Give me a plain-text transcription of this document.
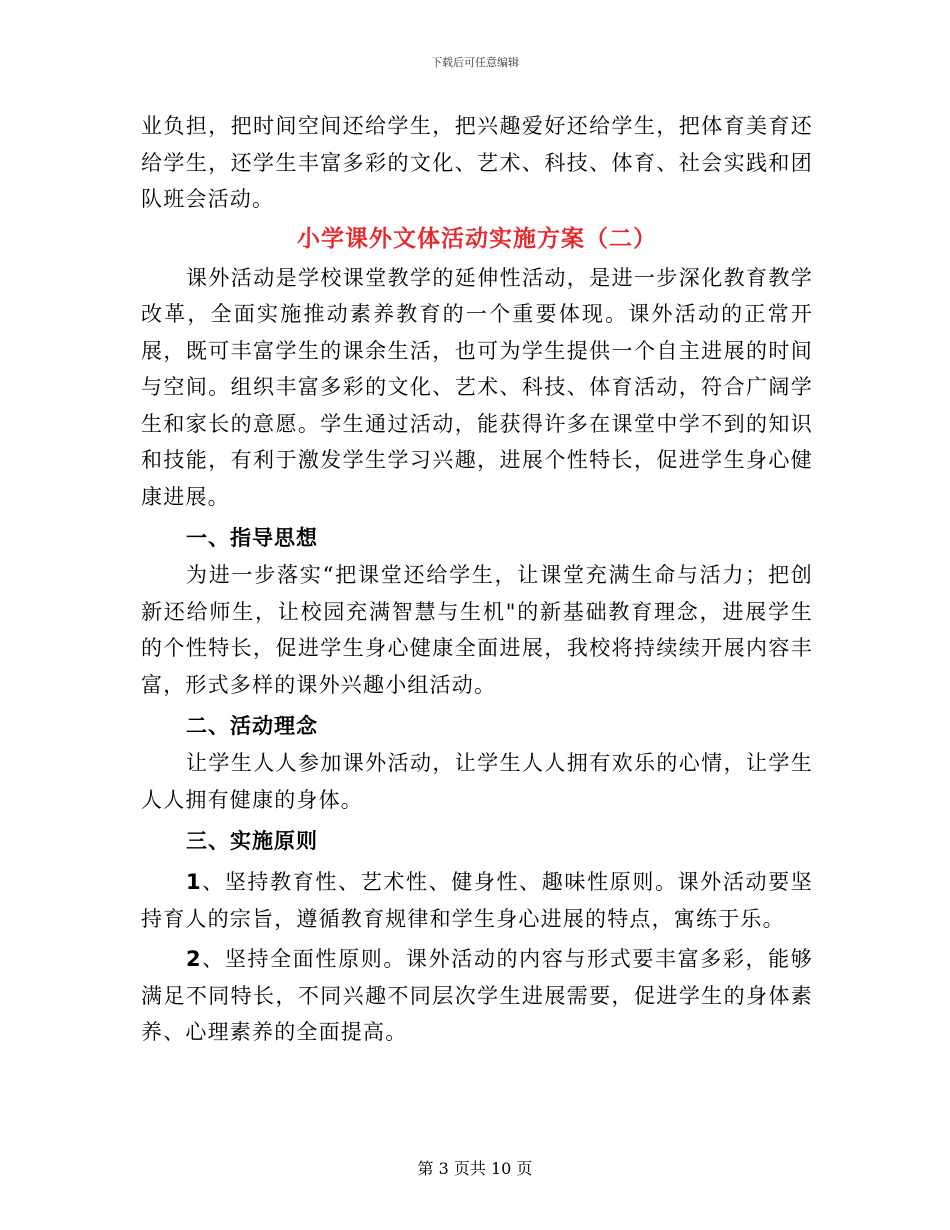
下载后可任意编辑

业负担，把时间空间还给学生，把兴趣爱好还给学生，把体育美育还给学生，还学生丰富多彩的文化、艺术、科技、体育、社会实践和团队班会活动。

小学课外文体活动实施方案（二）

课外活动是学校课堂教学的延伸性活动，是进一步深化教育教学改革，全面实施推动素养教育的一个重要体现。课外活动的正常开展，既可丰富学生的课余生活，也可为学生提供一个自主进展的时间与空间。组织丰富多彩的文化、艺术、科技、体育活动，符合广阔学生和家长的意愿。学生通过活动，能获得许多在课堂中学不到的知识和技能，有利于激发学生学习兴趣，进展个性特长，促进学生身心健康进展。

一、指导思想

为进一步落实“把课堂还给学生，让课堂充满生命与活力；把创新还给师生，让校园充满智慧与生机"的新基础教育理念，进展学生的个性特长，促进学生身心健康全面进展，我校将持续续开展内容丰富，形式多样的课外兴趣小组活动。

二、活动理念

让学生人人参加课外活动，让学生人人拥有欢乐的心情，让学生人人拥有健康的身体。

三、实施原则

1、坚持教育性、艺术性、健身性、趣味性原则。课外活动要坚持育人的宗旨，遵循教育规律和学生身心进展的特点，寓练于乐。

2、坚持全面性原则。课外活动的内容与形式要丰富多彩，能够满足不同特长，不同兴趣不同层次学生进展需要，促进学生的身体素养、心理素养的全面提高。

第 3 页共 10 页
